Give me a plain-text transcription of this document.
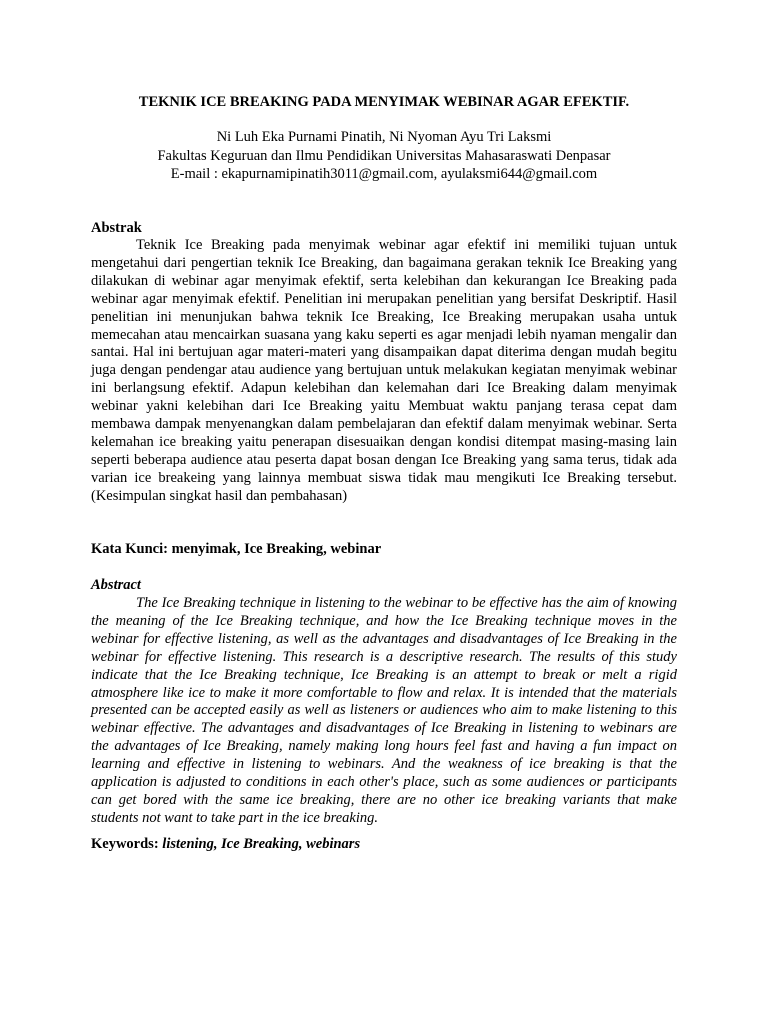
TEKNIK ICE BREAKING PADA MENYIMAK WEBINAR AGAR EFEKTIF.
Ni Luh Eka Purnami Pinatih, Ni Nyoman Ayu Tri Laksmi
Fakultas Keguruan dan Ilmu Pendidikan Universitas Mahasaraswati Denpasar
E-mail : ekapurnamipinatih3011@gmail.com, ayulaksmi644@gmail.com
Abstrak

Teknik Ice Breaking pada menyimak webinar agar efektif ini memiliki tujuan untuk mengetahui dari pengertian teknik Ice Breaking, dan bagaimana gerakan teknik Ice Breaking yang dilakukan di webinar agar menyimak efektif, serta kelebihan dan kekurangan Ice Breaking pada webinar agar menyimak efektif. Penelitian ini merupakan penelitian yang bersifat Deskriptif. Hasil penelitian ini menunjukan bahwa teknik Ice Breaking, Ice Breaking merupakan usaha untuk memecahan atau mencairkan suasana yang kaku seperti es agar menjadi lebih nyaman mengalir dan santai. Hal ini bertujuan agar materi-materi yang disampaikan dapat diterima dengan mudah begitu juga dengan pendengar atau audience yang bertujuan untuk melakukan kegiatan menyimak webinar ini berlangsung efektif. Adapun kelebihan dan kelemahan dari Ice Breaking dalam menyimak webinar yakni kelebihan dari Ice Breaking yaitu Membuat waktu panjang terasa cepat dam membawa dampak menyenangkan dalam pembelajaran dan efektif dalam menyimak webinar. Serta kelemahan ice breaking yaitu penerapan disesuaikan dengan kondisi ditempat masing-masing lain seperti beberapa audience atau peserta dapat bosan dengan Ice Breaking yang sama terus, tidak ada varian ice breakeing yang lainnya membuat siswa tidak mau mengikuti Ice Breaking tersebut. (Kesimpulan singkat hasil dan pembahasan)

Kata Kunci: menyimak, Ice Breaking, webinar

Abstract

The Ice Breaking technique in listening to the webinar to be effective has the aim of knowing the meaning of the Ice Breaking technique, and how the Ice Breaking technique moves in the webinar for effective listening, as well as the advantages and disadvantages of Ice Breaking in the webinar for effective listening. This research is a descriptive research. The results of this study indicate that the Ice Breaking technique, Ice Breaking is an attempt to break or melt a rigid atmosphere like ice to make it more comfortable to flow and relax. It is intended that the materials presented can be accepted easily as well as listeners or audiences who aim to make listening to this webinar effective. The advantages and disadvantages of Ice Breaking in listening to webinars are the advantages of Ice Breaking, namely making long hours feel fast and having a fun impact on learning and effective in listening to webinars. And the weakness of ice breaking is that the application is adjusted to conditions in each other's place, such as some audiences or participants can get bored with the same ice breaking, there are no other ice breaking variants that make students not want to take part in the ice breaking.

Keywords: listening, Ice Breaking, webinars
